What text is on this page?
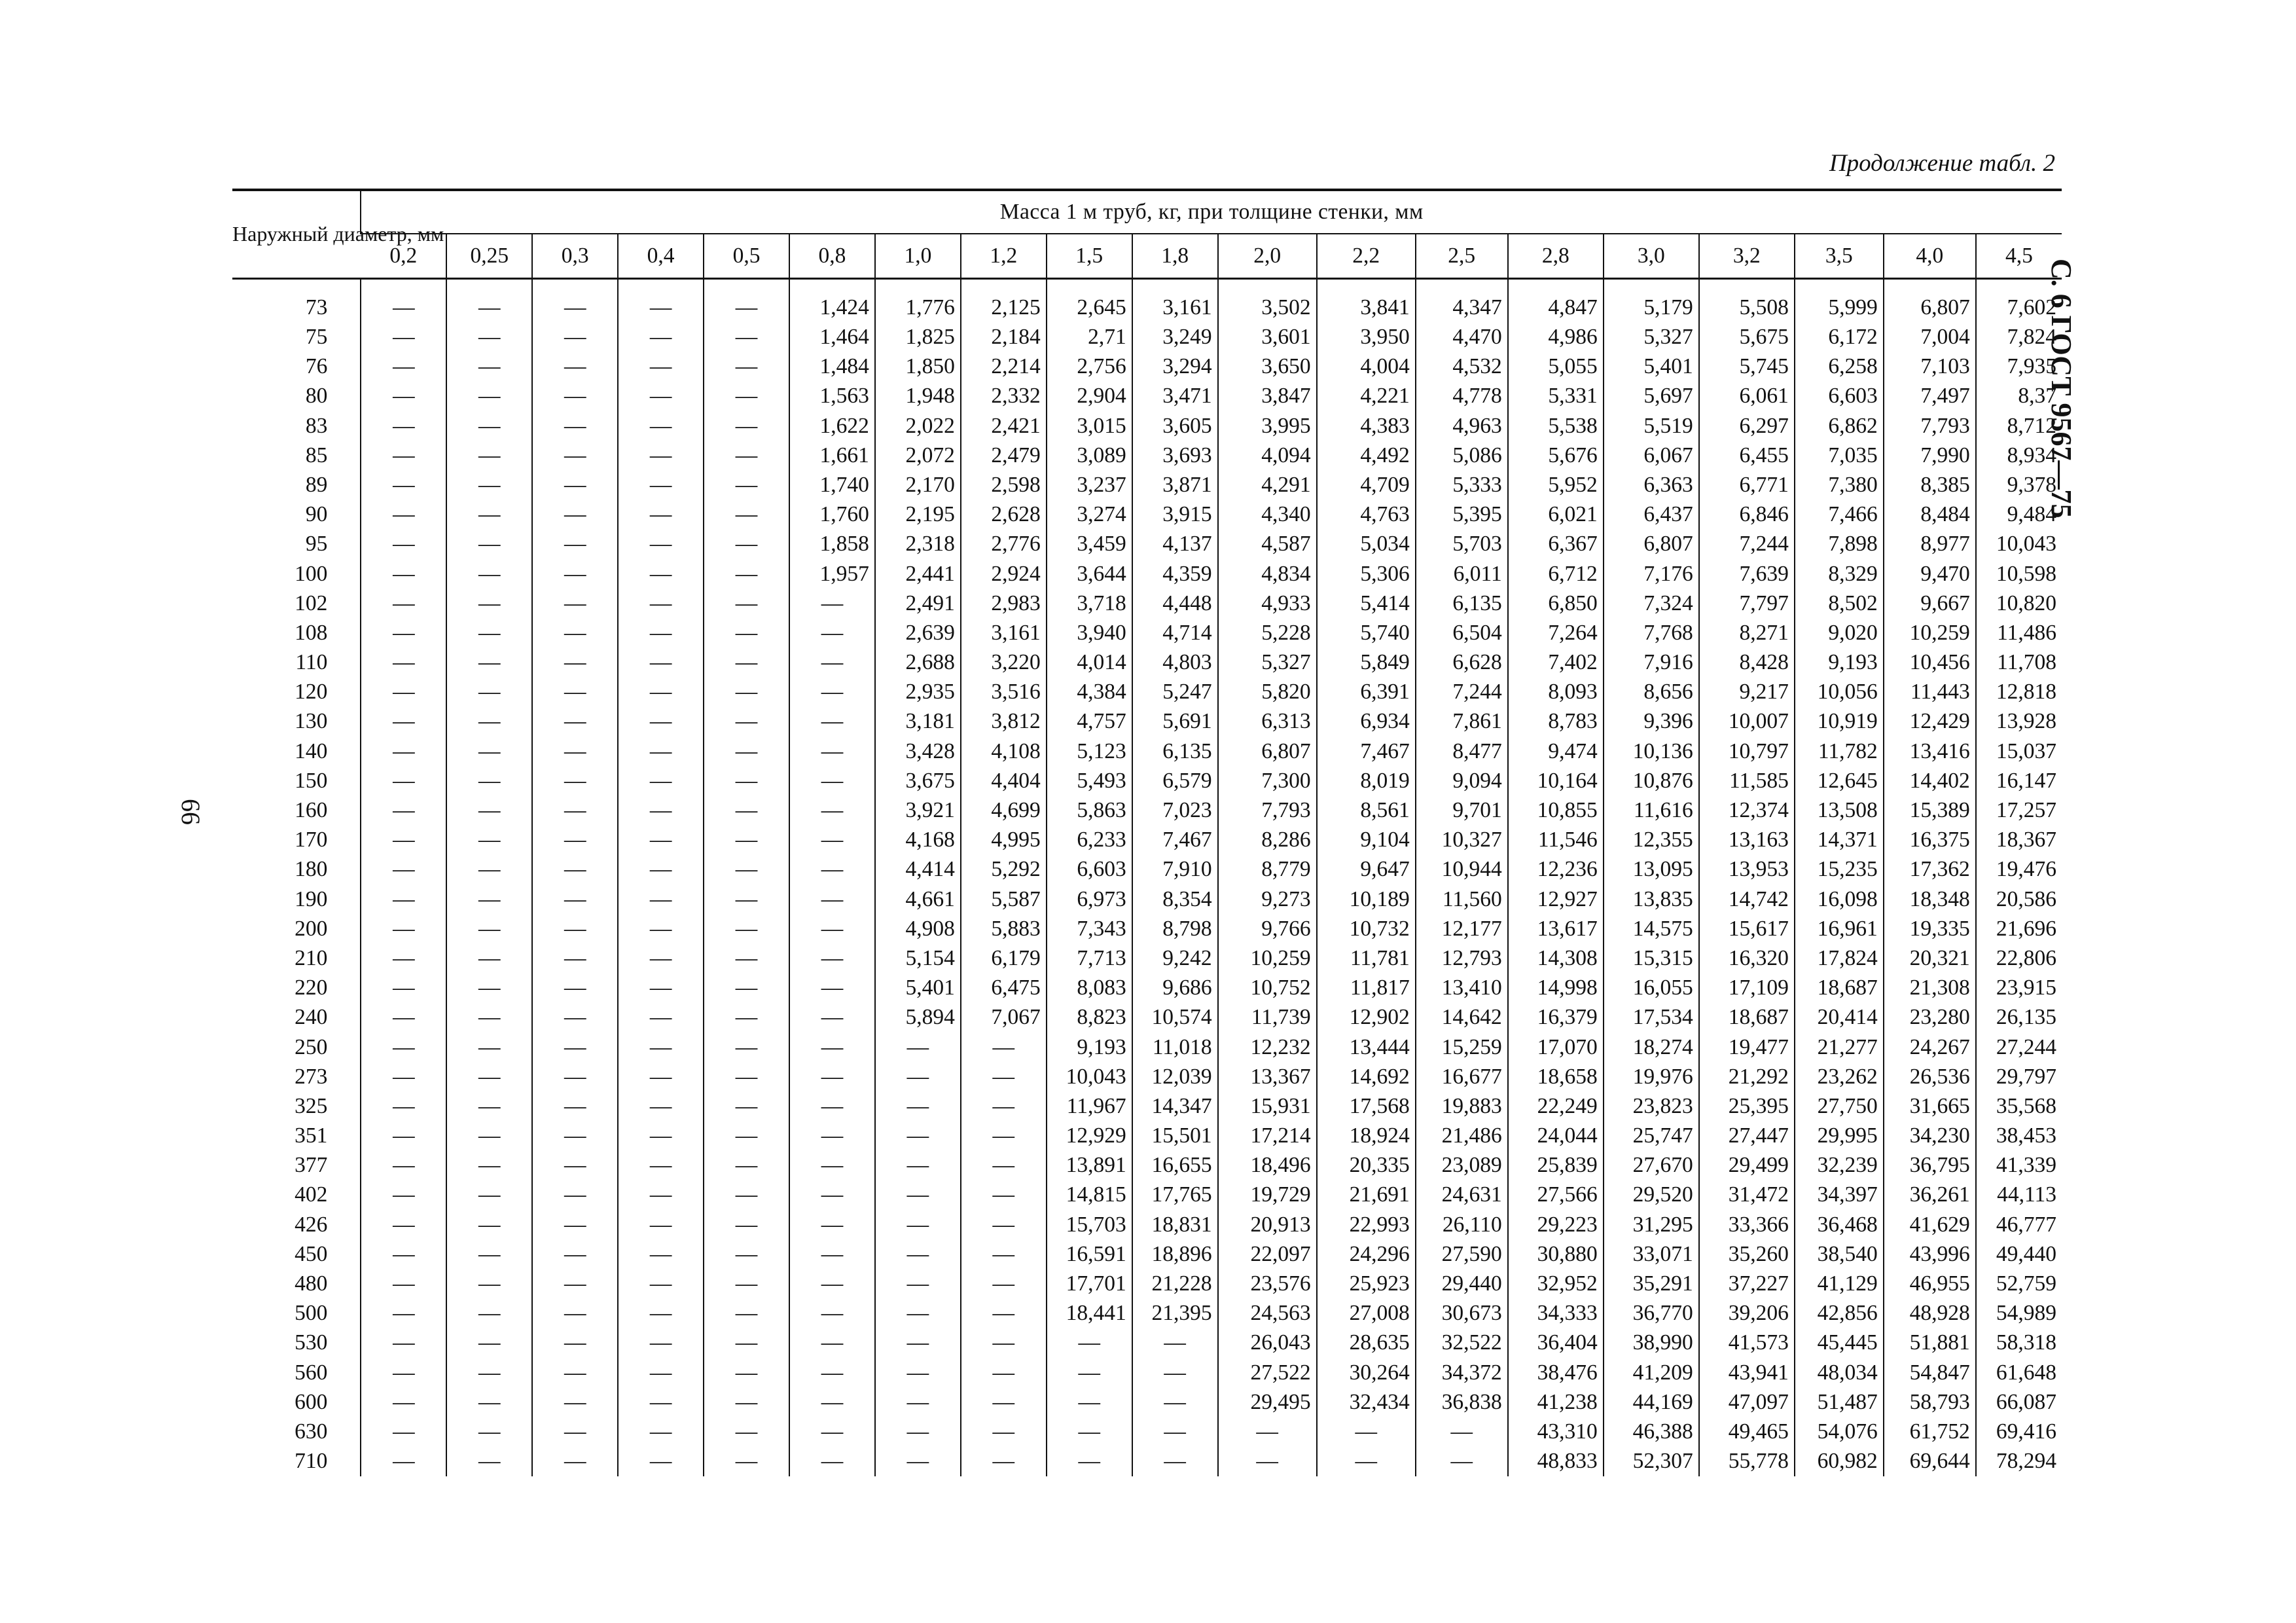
Продолжение табл. 2
С. 6 ГОСТ 9567—75
66
Наружный диаметр, мм	Масса 1 м труб, кг, при толщине стенки, мм																		
	0,2	0,25	0,3	0,4	0,5	0,8	1,0	1,2	1,5	1,8	2,0	2,2	2,5	2,8	3,0	3,2	3,5	4,0	4,5

73	—	—	—	—	—	1,424	1,776	2,125	2,645	3,161	3,502	3,841	4,347	4,847	5,179	5,508	5,999	6,807	7,602
75	—	—	—	—	—	1,464	1,825	2,184	2,71	3,249	3,601	3,950	4,470	4,986	5,327	5,675	6,172	7,004	7,824
76	—	—	—	—	—	1,484	1,850	2,214	2,756	3,294	3,650	4,004	4,532	5,055	5,401	5,745	6,258	7,103	7,935
80	—	—	—	—	—	1,563	1,948	2,332	2,904	3,471	3,847	4,221	4,778	5,331	5,697	6,061	6,603	7,497	8,37
83	—	—	—	—	—	1,622	2,022	2,421	3,015	3,605	3,995	4,383	4,963	5,538	5,519	6,297	6,862	7,793	8,712
85	—	—	—	—	—	1,661	2,072	2,479	3,089	3,693	4,094	4,492	5,086	5,676	6,067	6,455	7,035	7,990	8,934
89	—	—	—	—	—	1,740	2,170	2,598	3,237	3,871	4,291	4,709	5,333	5,952	6,363	6,771	7,380	8,385	9,378
90	—	—	—	—	—	1,760	2,195	2,628	3,274	3,915	4,340	4,763	5,395	6,021	6,437	6,846	7,466	8,484	9,484
95	—	—	—	—	—	1,858	2,318	2,776	3,459	4,137	4,587	5,034	5,703	6,367	6,807	7,244	7,898	8,977	10,043
100	—	—	—	—	—	1,957	2,441	2,924	3,644	4,359	4,834	5,306	6,011	6,712	7,176	7,639	8,329	9,470	10,598
102	—	—	—	—	—	—	2,491	2,983	3,718	4,448	4,933	5,414	6,135	6,850	7,324	7,797	8,502	9,667	10,820
108	—	—	—	—	—	—	2,639	3,161	3,940	4,714	5,228	5,740	6,504	7,264	7,768	8,271	9,020	10,259	11,486
110	—	—	—	—	—	—	2,688	3,220	4,014	4,803	5,327	5,849	6,628	7,402	7,916	8,428	9,193	10,456	11,708
120	—	—	—	—	—	—	2,935	3,516	4,384	5,247	5,820	6,391	7,244	8,093	8,656	9,217	10,056	11,443	12,818
130	—	—	—	—	—	—	3,181	3,812	4,757	5,691	6,313	6,934	7,861	8,783	9,396	10,007	10,919	12,429	13,928
140	—	—	—	—	—	—	3,428	4,108	5,123	6,135	6,807	7,467	8,477	9,474	10,136	10,797	11,782	13,416	15,037
150	—	—	—	—	—	—	3,675	4,404	5,493	6,579	7,300	8,019	9,094	10,164	10,876	11,585	12,645	14,402	16,147
160	—	—	—	—	—	—	3,921	4,699	5,863	7,023	7,793	8,561	9,701	10,855	11,616	12,374	13,508	15,389	17,257
170	—	—	—	—	—	—	4,168	4,995	6,233	7,467	8,286	9,104	10,327	11,546	12,355	13,163	14,371	16,375	18,367
180	—	—	—	—	—	—	4,414	5,292	6,603	7,910	8,779	9,647	10,944	12,236	13,095	13,953	15,235	17,362	19,476
190	—	—	—	—	—	—	4,661	5,587	6,973	8,354	9,273	10,189	11,560	12,927	13,835	14,742	16,098	18,348	20,586
200	—	—	—	—	—	—	4,908	5,883	7,343	8,798	9,766	10,732	12,177	13,617	14,575	15,617	16,961	19,335	21,696
210	—	—	—	—	—	—	5,154	6,179	7,713	9,242	10,259	11,781	12,793	14,308	15,315	16,320	17,824	20,321	22,806
220	—	—	—	—	—	—	5,401	6,475	8,083	9,686	10,752	11,817	13,410	14,998	16,055	17,109	18,687	21,308	23,915
240	—	—	—	—	—	—	5,894	7,067	8,823	10,574	11,739	12,902	14,642	16,379	17,534	18,687	20,414	23,280	26,135
250	—	—	—	—	—	—	—	—	9,193	11,018	12,232	13,444	15,259	17,070	18,274	19,477	21,277	24,267	27,244
273	—	—	—	—	—	—	—	—	10,043	12,039	13,367	14,692	16,677	18,658	19,976	21,292	23,262	26,536	29,797
325	—	—	—	—	—	—	—	—	11,967	14,347	15,931	17,568	19,883	22,249	23,823	25,395	27,750	31,665	35,568
351	—	—	—	—	—	—	—	—	12,929	15,501	17,214	18,924	21,486	24,044	25,747	27,447	29,995	34,230	38,453
377	—	—	—	—	—	—	—	—	13,891	16,655	18,496	20,335	23,089	25,839	27,670	29,499	32,239	36,795	41,339
402	—	—	—	—	—	—	—	—	14,815	17,765	19,729	21,691	24,631	27,566	29,520	31,472	34,397	36,261	44,113
426	—	—	—	—	—	—	—	—	15,703	18,831	20,913	22,993	26,110	29,223	31,295	33,366	36,468	41,629	46,777
450	—	—	—	—	—	—	—	—	16,591	18,896	22,097	24,296	27,590	30,880	33,071	35,260	38,540	43,996	49,440
480	—	—	—	—	—	—	—	—	17,701	21,228	23,576	25,923	29,440	32,952	35,291	37,227	41,129	46,955	52,759
500	—	—	—	—	—	—	—	—	18,441	21,395	24,563	27,008	30,673	34,333	36,770	39,206	42,856	48,928	54,989
530	—	—	—	—	—	—	—	—	—	—	26,043	28,635	32,522	36,404	38,990	41,573	45,445	51,881	58,318
560	—	—	—	—	—	—	—	—	—	—	27,522	30,264	34,372	38,476	41,209	43,941	48,034	54,847	61,648
600	—	—	—	—	—	—	—	—	—	—	29,495	32,434	36,838	41,238	44,169	47,097	51,487	58,793	66,087
630	—	—	—	—	—	—	—	—	—	—	—	—	—	43,310	46,388	49,465	54,076	61,752	69,416
710	—	—	—	—	—	—	—	—	—	—	—	—	—	48,833	52,307	55,778	60,982	69,644	78,294
